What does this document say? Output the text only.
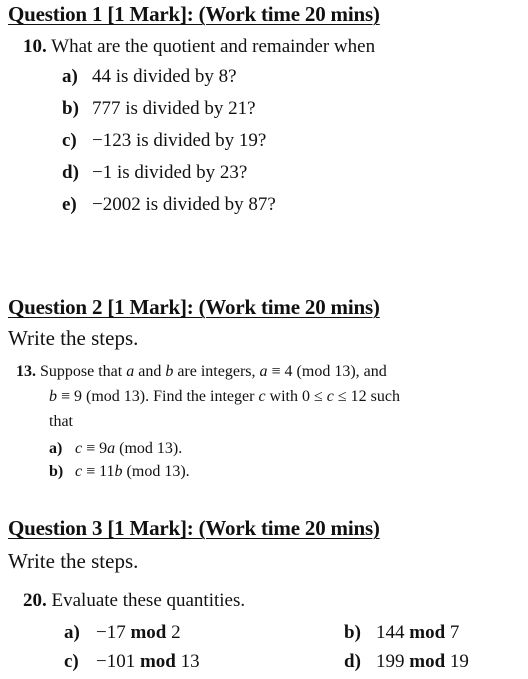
Question 1 [1 Mark]: (Work time 20 mins)
10. What are the quotient and remainder when
a) 44 is divided by 8?
b) 777 is divided by 21?
c) −123 is divided by 19?
d) −1 is divided by 23?
e) −2002 is divided by 87?
Question 2 [1 Mark]: (Work time 20 mins)
Write the steps.
13. Suppose that a and b are integers, a ≡ 4 (mod 13), and
b ≡ 9 (mod 13). Find the integer c with 0 ≤ c ≤ 12 such
that
a) c ≡ 9a (mod 13).
b) c ≡ 11b (mod 13).
Question 3 [1 Mark]: (Work time 20 mins)
Write the steps.
20. Evaluate these quantities.
a) −17 mod 2	b) 144 mod 7
c) −101 mod 13	d) 199 mod 19
